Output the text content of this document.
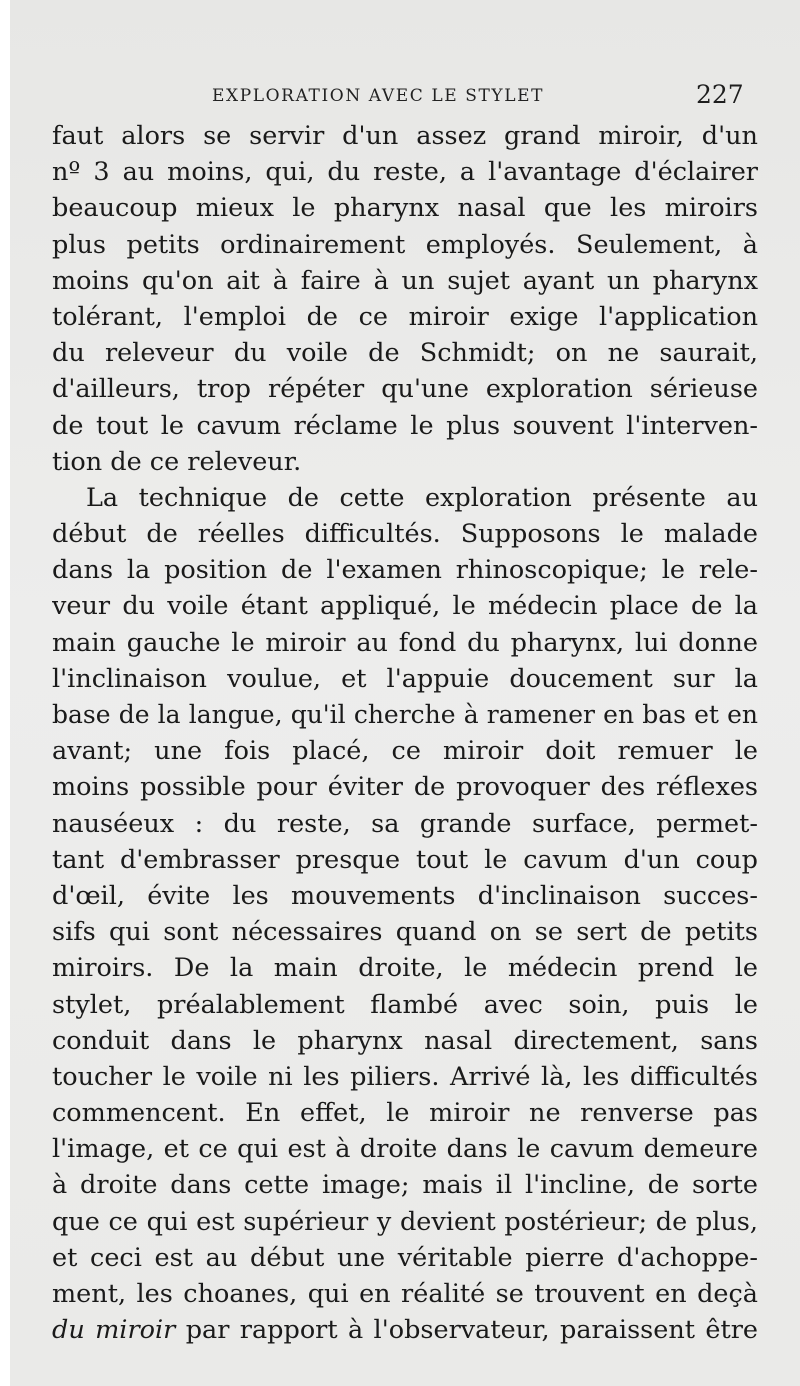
EXPLORATION AVEC LE STYLET	227
faut alors se servir d'un assez grand miroir, d'un
nº 3 au moins, qui, du reste, a l'avantage d'éclairer
beaucoup mieux le pharynx nasal que les miroirs
plus petits ordinairement employés. Seulement, à
moins qu'on ait à faire à un sujet ayant un pharynx
tolérant, l'emploi de ce miroir exige l'application
du releveur du voile de Schmidt; on ne saurait,
d'ailleurs, trop répéter qu'une exploration sérieuse
de tout le cavum réclame le plus souvent l'interven-
tion de ce releveur.
La technique de cette exploration présente au
début de réelles difficultés. Supposons le malade
dans la position de l'examen rhinoscopique; le rele-
veur du voile étant appliqué, le médecin place de la
main gauche le miroir au fond du pharynx, lui donne
l'inclinaison voulue, et l'appuie doucement sur la
base de la langue, qu'il cherche à ramener en bas et en
avant; une fois placé, ce miroir doit remuer le
moins possible pour éviter de provoquer des réflexes
nauséeux : du reste, sa grande surface, permet-
tant d'embrasser presque tout le cavum d'un coup
d'œil, évite les mouvements d'inclinaison succes-
sifs qui sont nécessaires quand on se sert de petits
miroirs. De la main droite, le médecin prend le
stylet, préalablement flambé avec soin, puis le
conduit dans le pharynx nasal directement, sans
toucher le voile ni les piliers. Arrivé là, les difficultés
commencent. En effet, le miroir ne renverse pas
l'image, et ce qui est à droite dans le cavum demeure
à droite dans cette image; mais il l'incline, de sorte
que ce qui est supérieur y devient postérieur; de plus,
et ceci est au début une véritable pierre d'achoppe-
ment, les choanes, qui en réalité se trouvent en deçà
du miroir par rapport à l'observateur, paraissent être
